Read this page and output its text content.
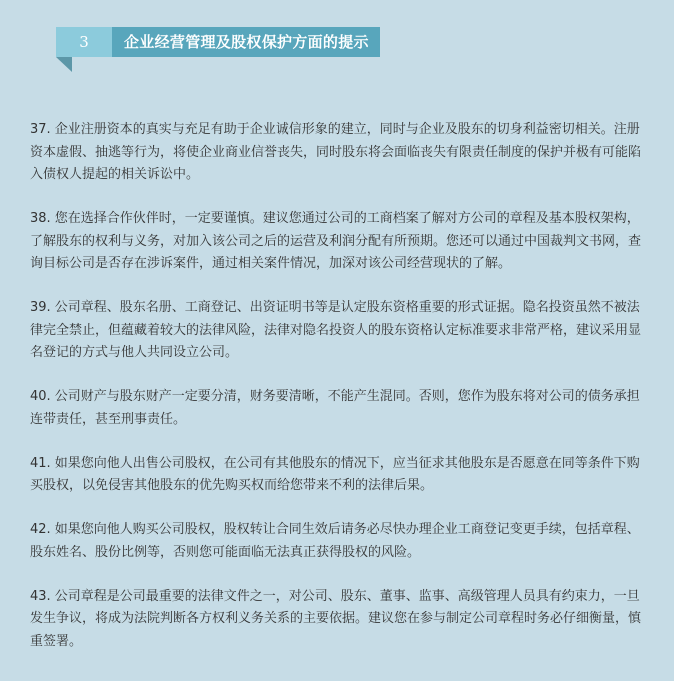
3	企业经营管理及股权保护方面的提示

37. 企业注册资本的真实与充足有助于企业诚信形象的建立，同时与企业及股东的切身利益密切相关。注册资本虚假、抽逃等行为，将使企业商业信誉丧失，同时股东将会面临丧失有限责任制度的保护并极有可能陷入债权人提起的相关诉讼中。

38. 您在选择合作伙伴时，一定要谨慎。建议您通过公司的工商档案了解对方公司的章程及基本股权架构，了解股东的权利与义务，对加入该公司之后的运营及利润分配有所预期。您还可以通过中国裁判文书网，查询目标公司是否存在涉诉案件，通过相关案件情况，加深对该公司经营现状的了解。

39. 公司章程、股东名册、工商登记、出资证明书等是认定股东资格重要的形式证据。隐名投资虽然不被法律完全禁止，但蕴藏着较大的法律风险，法律对隐名投资人的股东资格认定标准要求非常严格，建议采用显名登记的方式与他人共同设立公司。

40. 公司财产与股东财产一定要分清，财务要清晰，不能产生混同。否则，您作为股东将对公司的债务承担连带责任，甚至刑事责任。

41. 如果您向他人出售公司股权，在公司有其他股东的情况下，应当征求其他股东是否愿意在同等条件下购买股权，以免侵害其他股东的优先购买权而给您带来不利的法律后果。

42. 如果您向他人购买公司股权，股权转让合同生效后请务必尽快办理企业工商登记变更手续，包括章程、股东姓名、股份比例等，否则您可能面临无法真正获得股权的风险。

43. 公司章程是公司最重要的法律文件之一，对公司、股东、董事、监事、高级管理人员具有约束力，一旦发生争议，将成为法院判断各方权利义务关系的主要依据。建议您在参与制定公司章程时务必仔细衡量，慎重签署。
